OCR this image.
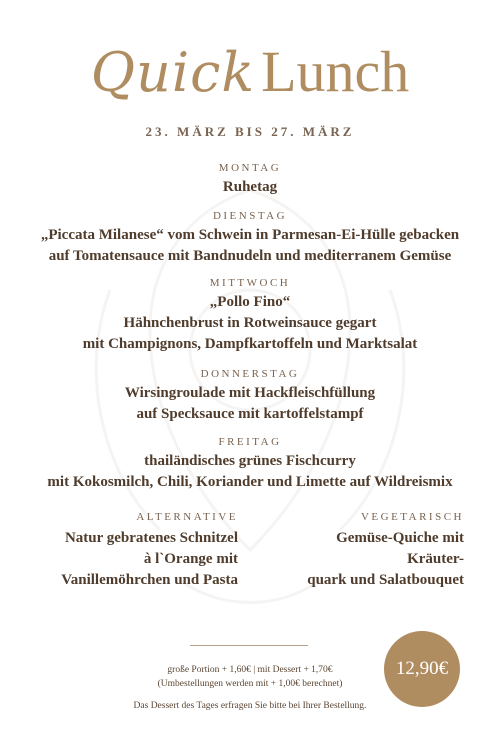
Quick Lunch
23. MÄRZ BIS 27. MÄRZ
MONTAG
Ruhetag
DIENSTAG
„Piccata Milanese“ vom Schwein in Parmesan-Ei-Hülle gebacken
auf Tomatensauce mit Bandnudeln und mediterranem Gemüse
MITTWOCH
„Pollo Fino“
Hähnchenbrust in Rotweinsauce gegart
mit Champignons, Dampfkartoffeln und Marktsalat
DONNERSTAG
Wirsingroulade mit Hackfleischfüllung
auf Specksauce mit kartoffelstampf
FREITAG
thailändisches grünes Fischcurry
mit Kokosmilch, Chili, Koriander und Limette auf Wildreismix
ALTERNATIVE
Natur gebratenes Schnitzel
à l`Orange mit
Vanillemöhrchen und Pasta
VEGETARISCH
Gemüse-Quiche mit Kräuter-
quark und Salatbouquet
große Portion + 1,60€ | mit Dessert + 1,70€
(Umbestellungen werden mit + 1,00€ berechnet)
Das Dessert des Tages erfragen Sie bitte bei Ihrer Bestellung.
12,90€
